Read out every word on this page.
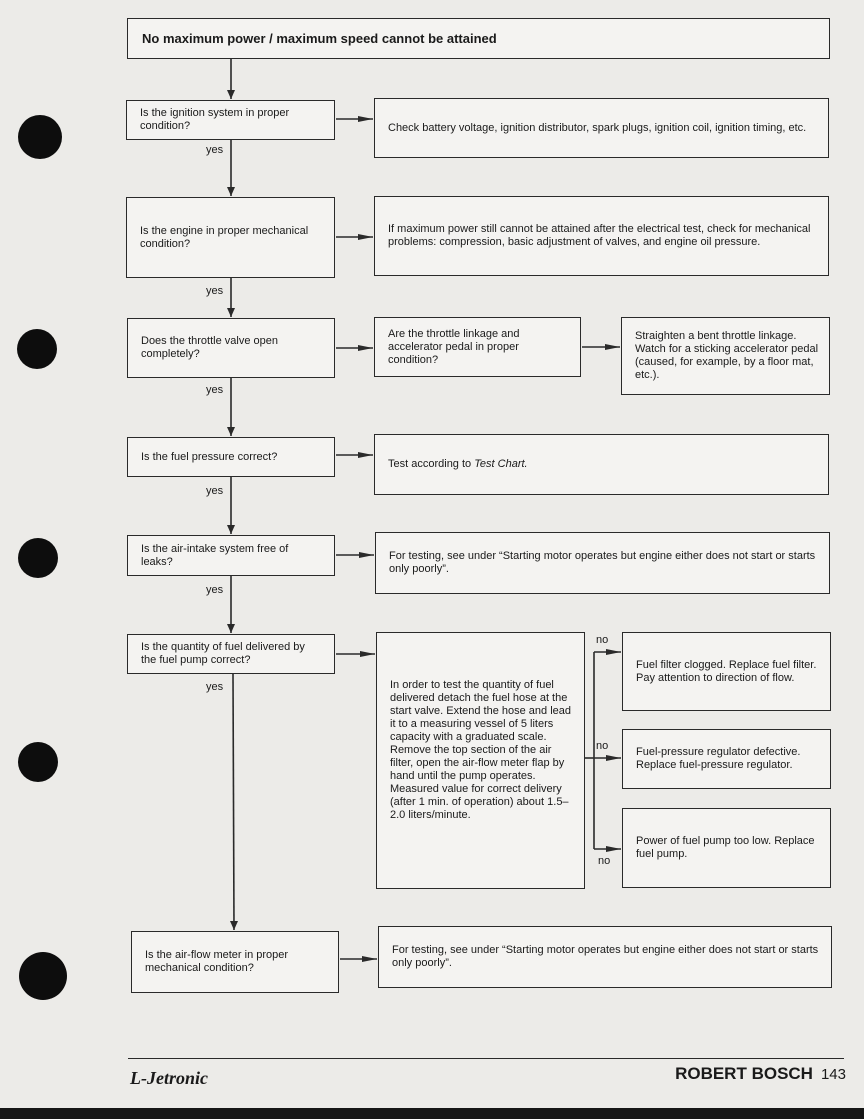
No maximum power / maximum speed cannot be attained
Is the ignition system in proper condition?
Is the engine in proper mechanical condition?
Does the throttle valve open completely?
Is the fuel pressure correct?
Is the air-intake system free of leaks?
Is the quantity of fuel delivered by the fuel pump correct?
Is the air-flow meter in proper mechanical condition?
Check battery voltage, ignition distributor, spark plugs, ignition coil, ignition timing, etc.
If maximum power still cannot be attained after the electrical test, check for mechanical problems: compression, basic adjustment of valves, and engine oil pressure.
Are the throttle linkage and accelerator pedal in proper condition?
Straighten a bent throttle linkage. Watch for a sticking accelerator pedal (caused, for example, by a floor mat, etc.).
Test according to Test Chart.
For testing, see under “Starting motor operates but engine either does not start or starts only poorly”.
In order to test the quantity of fuel delivered detach the fuel hose at the start valve. Extend the hose and lead it to a measuring vessel of 5 liters capacity with a graduated scale. Remove the top section of the air filter, open the air-flow meter flap by hand until the pump operates. Measured value for correct delivery (after 1 min. of operation) about 1.5–2.0 liters/minute.
Fuel filter clogged. Replace fuel filter. Pay attention to direction of flow.
Fuel-pressure regulator defective. Replace fuel-pressure regulator.
Power of fuel pump too low. Replace fuel pump.
For testing, see under “Starting motor operates but engine either does not start or starts only poorly”.
yes
yes
yes
yes
yes
yes
no
no
no
L-Jetronic	ROBERT BOSCH 143
